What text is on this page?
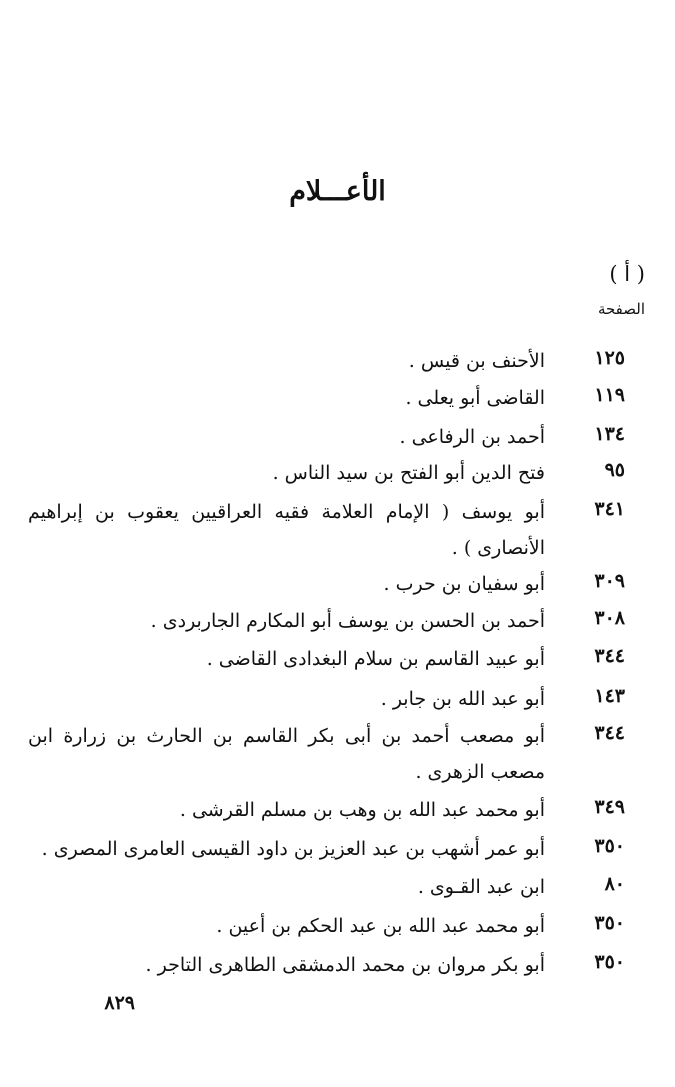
الأعـــلام
( أ )
الصفحة
١٢٥
الأحنف بن قيس .
١١٩
القاضى أبو يعلى .
١٣٤
أحمد بن الرفاعى .
٩٥
فتح الدين أبو الفتح بن سيد الناس .
٣٤١
أبو يوسف ( الإمام العلامة فقيه العراقيين يعقوب بن إبراهيم الأنصارى ) .
٣٠٩
أبو سفيان بن حرب .
٣٠٨
أحمد بن الحسن بن يوسف أبو المكارم الجاربردى .
٣٤٤
أبو عبيد القاسم بن سلام البغدادى القاضى .
١٤٣
أبو عبد الله بن جابر .
٣٤٤
أبو مصعب أحمد بن أبى بكر القاسم بن الحارث بن زرارة ابن مصعب الزهرى .
٣٤٩
أبو محمد عبد الله بن وهب بن مسلم القرشى .
٣٥٠
أبو عمر أشهب بن عبد العزيز بن داود القيسى العامرى المصرى .
٨٠
ابن عبد القـوى .
٣٥٠
أبو محمد عبد الله بن عبد الحكم بن أعين .
٣٥٠
أبو بكر مروان بن محمد الدمشقى الطاهرى التاجر .
٨٢٩
